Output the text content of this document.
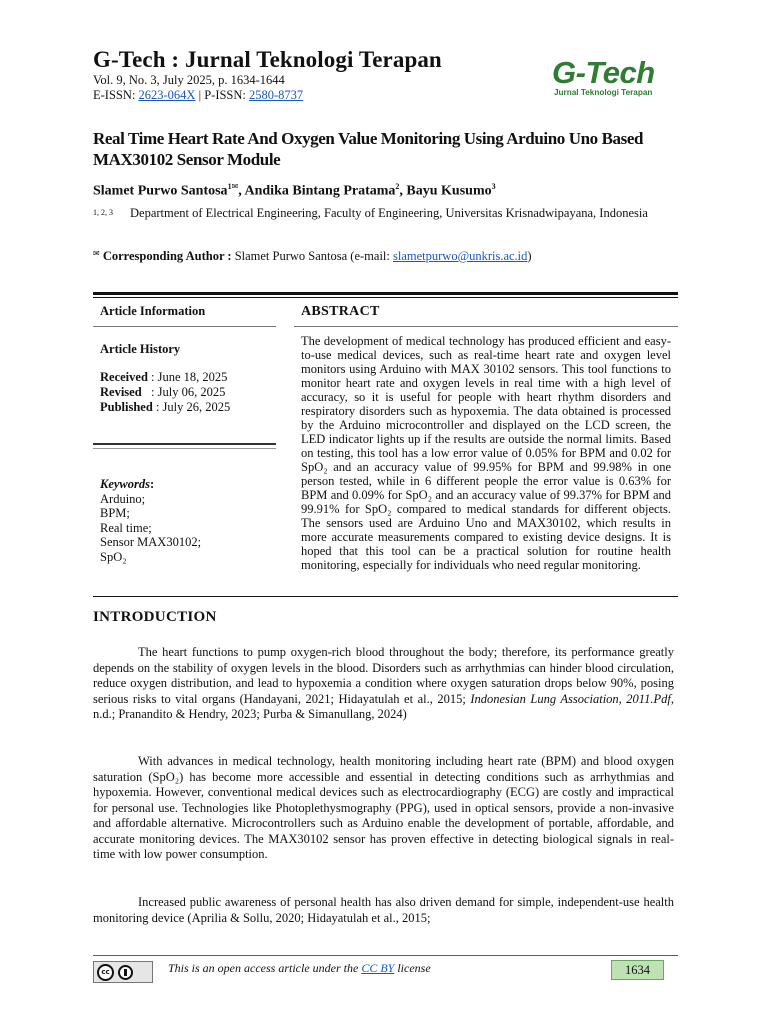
G-Tech : Jurnal Teknologi Terapan
Vol. 9, No. 3, July 2025, p. 1634-1644
E-ISSN: 2623-064X | P-ISSN: 2580-8737
G-Tech
Jurnal Teknologi Terapan
Real Time Heart Rate And Oxygen Value Monitoring Using Arduino Uno Based MAX30102 Sensor Module
Slamet Purwo Santosa$^{1✉}$, Andika Bintang Pratama$^2$, Bayu Kusumo$^3$
1, 2, 3 Department of Electrical Engineering, Faculty of Engineering, Universitas Krisnadwipayana, Indonesia
✉ Corresponding Author : Slamet Purwo Santosa (e-mail: slametpurwo@unkris.ac.id)
Article Information	ABSTRACT
Article History
Received : June 18, 2025
Revised   : July 06, 2025
Published : July 26, 2025
Keywords:
Arduino;
BPM;
Real time;
Sensor MAX30102;
SpO₂
The development of medical technology has produced efficient and easy-to-use medical devices, such as real-time heart rate and oxygen level monitors using Arduino with MAX 30102 sensors. This tool functions to monitor heart rate and oxygen levels in real time with a high level of accuracy, so it is useful for people with heart rhythm disorders and respiratory disorders such as hypoxemia. The data obtained is processed by the Arduino microcontroller and displayed on the LCD screen, the LED indicator lights up if the results are outside the normal limits. Based on testing, this tool has a low error value of 0.05% for BPM and 0.02 for SpO₂ and an accuracy value of 99.95% for BPM and 99.98% in one person tested, while in 6 different people the error value is 0.63% for BPM and 0.09% for SpO₂ and an accuracy value of 99.37% for BPM and 99.91% for SpO₂ compared to medical standards for different objects. The sensors used are Arduino Uno and MAX30102, which results in more accurate measurements compared to existing device designs. It is hoped that this tool can be a practical solution for routine health monitoring, especially for individuals who need regular monitoring.
INTRODUCTION
The heart functions to pump oxygen-rich blood throughout the body; therefore, its performance greatly depends on the stability of oxygen levels in the blood. Disorders such as arrhythmias can hinder blood circulation, reduce oxygen distribution, and lead to hypoxemia a condition where oxygen saturation drops below 90%, posing serious risks to vital organs (Handayani, 2021; Hidayatulah et al., 2015; Indonesian Lung Association, 2011.Pdf, n.d.; Pranandito & Hendry, 2023; Purba & Simanullang, 2024)
With advances in medical technology, health monitoring including heart rate (BPM) and blood oxygen saturation (SpO₂) has become more accessible and essential in detecting conditions such as arrhythmias and hypoxemia. However, conventional medical devices such as electrocardiography (ECG) are costly and impractical for personal use. Technologies like Photoplethysmography (PPG), used in optical sensors, provide a non-invasive and affordable alternative. Microcontrollers such as Arduino enable the development of portable, affordable, and accurate monitoring devices. The MAX30102 sensor has proven effective in detecting biological signals in real-time with low power consumption.
Increased public awareness of personal health has also driven demand for simple, independent-use health monitoring device (Aprilia & Sollu, 2020; Hidayatulah et al., 2015;
cc	This is an open access article under the CC BY license	1634
